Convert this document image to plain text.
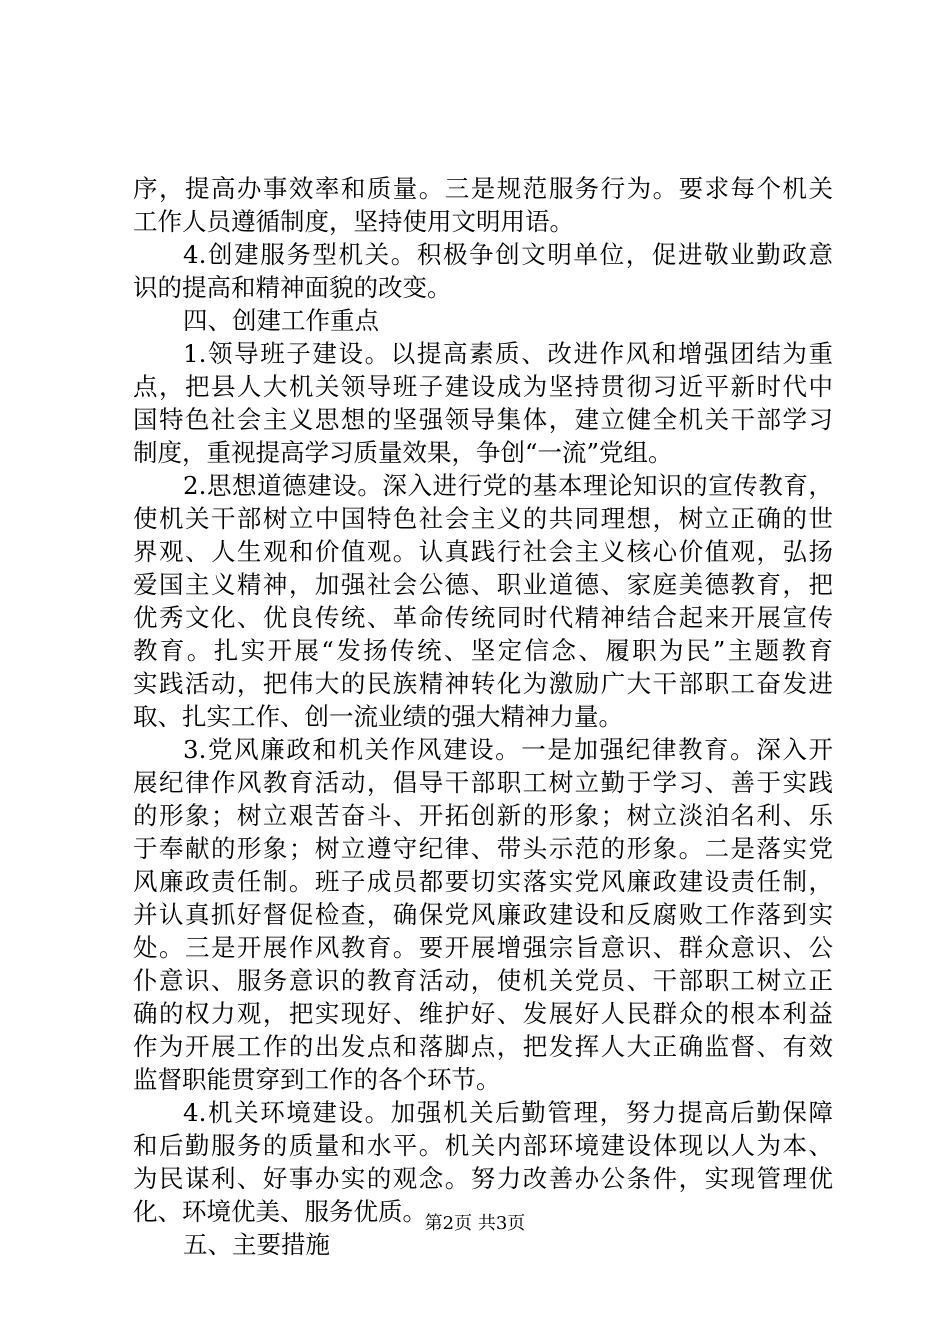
序，提高办事效率和质量。三是规范服务行为。要求每个机关
工作人员遵循制度，坚持使用文明用语。
4.创建服务型机关。积极争创文明单位，促进敬业勤政意
识的提高和精神面貌的改变。
四、创建工作重点
1.领导班子建设。以提高素质、改进作风和增强团结为重
点，把县人大机关领导班子建设成为坚持贯彻习近平新时代中
国特色社会主义思想的坚强领导集体，建立健全机关干部学习
制度，重视提高学习质量效果，争创“一流”党组。
2.思想道德建设。深入进行党的基本理论知识的宣传教育，
使机关干部树立中国特色社会主义的共同理想，树立正确的世
界观、人生观和价值观。认真践行社会主义核心价值观，弘扬
爱国主义精神，加强社会公德、职业道德、家庭美德教育，把
优秀文化、优良传统、革命传统同时代精神结合起来开展宣传
教育。扎实开展“发扬传统、坚定信念、履职为民”主题教育
实践活动，把伟大的民族精神转化为激励广大干部职工奋发进
取、扎实工作、创一流业绩的强大精神力量。
3.党风廉政和机关作风建设。一是加强纪律教育。深入开
展纪律作风教育活动，倡导干部职工树立勤于学习、善于实践
的形象；树立艰苦奋斗、开拓创新的形象；树立淡泊名利、乐
于奉献的形象；树立遵守纪律、带头示范的形象。二是落实党
风廉政责任制。班子成员都要切实落实党风廉政建设责任制，
并认真抓好督促检查，确保党风廉政建设和反腐败工作落到实
处。三是开展作风教育。要开展增强宗旨意识、群众意识、公
仆意识、服务意识的教育活动，使机关党员、干部职工树立正
确的权力观，把实现好、维护好、发展好人民群众的根本利益
作为开展工作的出发点和落脚点，把发挥人大正确监督、有效
监督职能贯穿到工作的各个环节。
4.机关环境建设。加强机关后勤管理，努力提高后勤保障
和后勤服务的质量和水平。机关内部环境建设体现以人为本、
为民谋利、好事办实的观念。努力改善办公条件，实现管理优
化、环境优美、服务优质。
五、主要措施
第2页 共3页
